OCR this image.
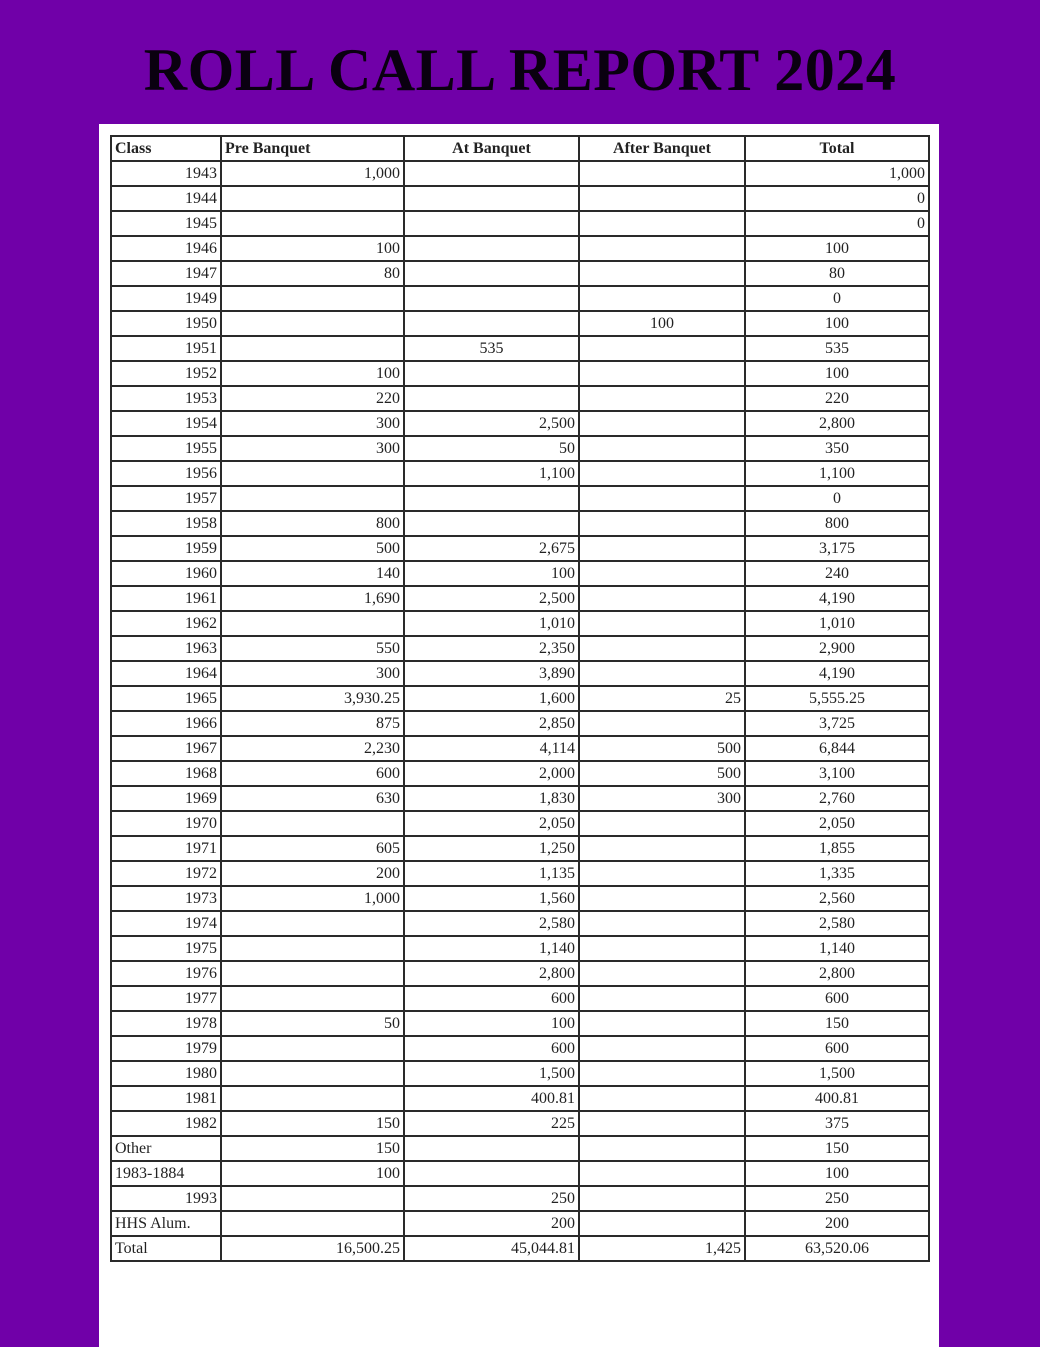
ROLL CALL REPORT 2024
Class	Pre Banquet	At Banquet	After Banquet	Total
1943	1,000			1,000
1944				0
1945				0
1946	100			100
1947	80			80
1949				0
1950			100	100
1951		535		535
1952	100			100
1953	220			220
1954	300	2,500		2,800
1955	300	50		350
1956		1,100		1,100
1957				0
1958	800			800
1959	500	2,675		3,175
1960	140	100		240
1961	1,690	2,500		4,190
1962		1,010		1,010
1963	550	2,350		2,900
1964	300	3,890		4,190
1965	3,930.25	1,600	25	5,555.25
1966	875	2,850		3,725
1967	2,230	4,114	500	6,844
1968	600	2,000	500	3,100
1969	630	1,830	300	2,760
1970		2,050		2,050
1971	605	1,250		1,855
1972	200	1,135		1,335
1973	1,000	1,560		2,560
1974		2,580		2,580
1975		1,140		1,140
1976		2,800		2,800
1977		600		600
1978	50	100		150
1979		600		600
1980		1,500		1,500
1981		400.81		400.81
1982	150	225		375
Other	150			150
1983-1884	100			100
1993		250		250
HHS Alum.		200		200
Total	16,500.25	45,044.81	1,425	63,520.06
